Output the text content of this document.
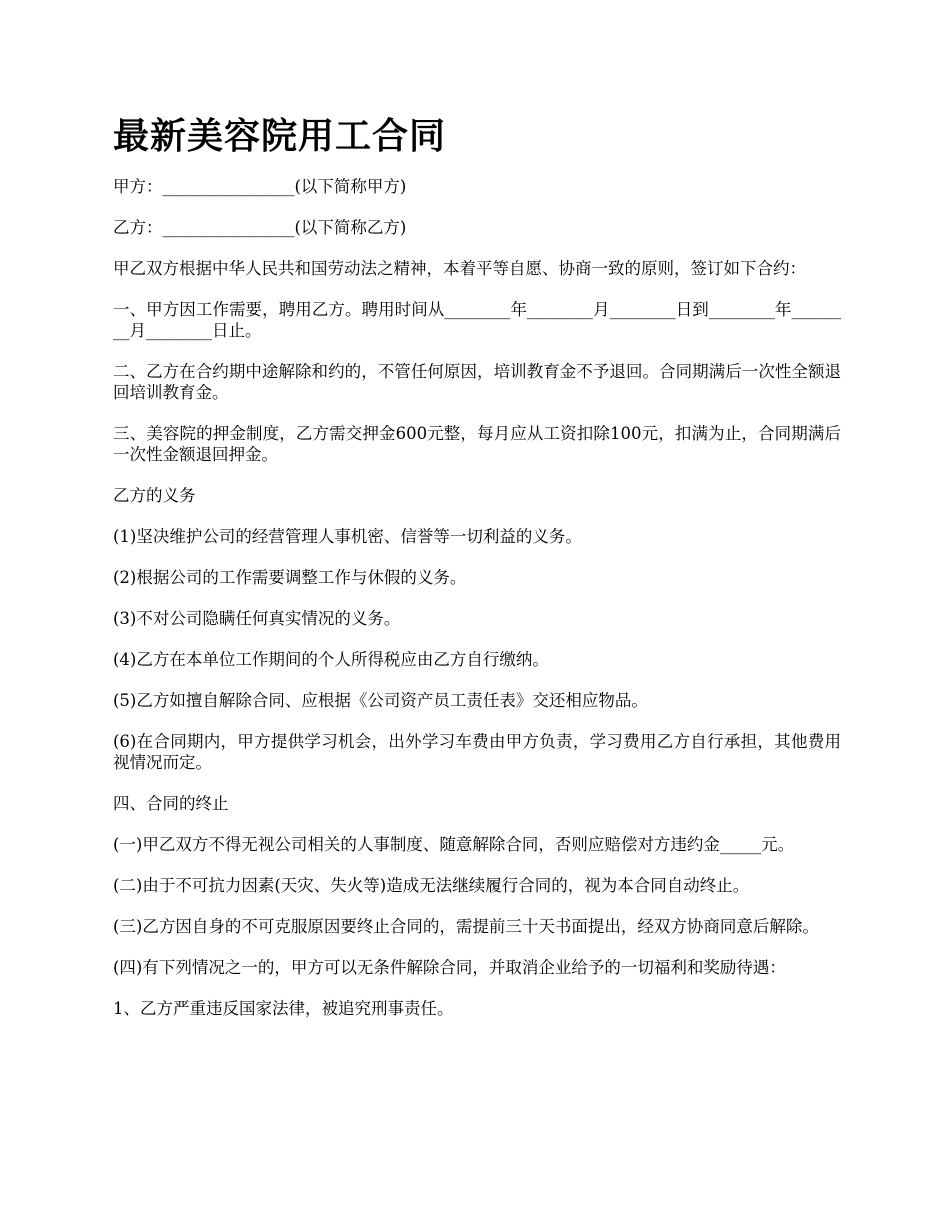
最新美容院用工合同

甲方：________________(以下简称甲方)

乙方：________________(以下简称乙方)

甲乙双方根据中华人民共和国劳动法之精神，本着平等自愿、协商一致的原则，签订如下合约：

一、甲方因工作需要，聘用乙方。聘用时间从________年________月________日到________年________月________日止。

二、乙方在合约期中途解除和约的，不管任何原因，培训教育金不予退回。合同期满后一次性全额退回培训教育金。

三、美容院的押金制度，乙方需交押金600元整，每月应从工资扣除100元，扣满为止，合同期满后一次性金额退回押金。

乙方的义务

(1)坚决维护公司的经营管理人事机密、信誉等一切利益的义务。

(2)根据公司的工作需要调整工作与休假的义务。

(3)不对公司隐瞒任何真实情况的义务。

(4)乙方在本单位工作期间的个人所得税应由乙方自行缴纳。

(5)乙方如擅自解除合同、应根据《公司资产员工责任表》交还相应物品。

(6)在合同期内，甲方提供学习机会，出外学习车费由甲方负责，学习费用乙方自行承担，其他费用视情况而定。

四、合同的终止

(一)甲乙双方不得无视公司相关的人事制度、随意解除合同，否则应赔偿对方违约金_____元。

(二)由于不可抗力因素(天灾、失火等)造成无法继续履行合同的，视为本合同自动终止。

(三)乙方因自身的不可克服原因要终止合同的，需提前三十天书面提出，经双方协商同意后解除。

(四)有下列情况之一的，甲方可以无条件解除合同，并取消企业给予的一切福利和奖励待遇：

1、乙方严重违反国家法律，被追究刑事责任。
